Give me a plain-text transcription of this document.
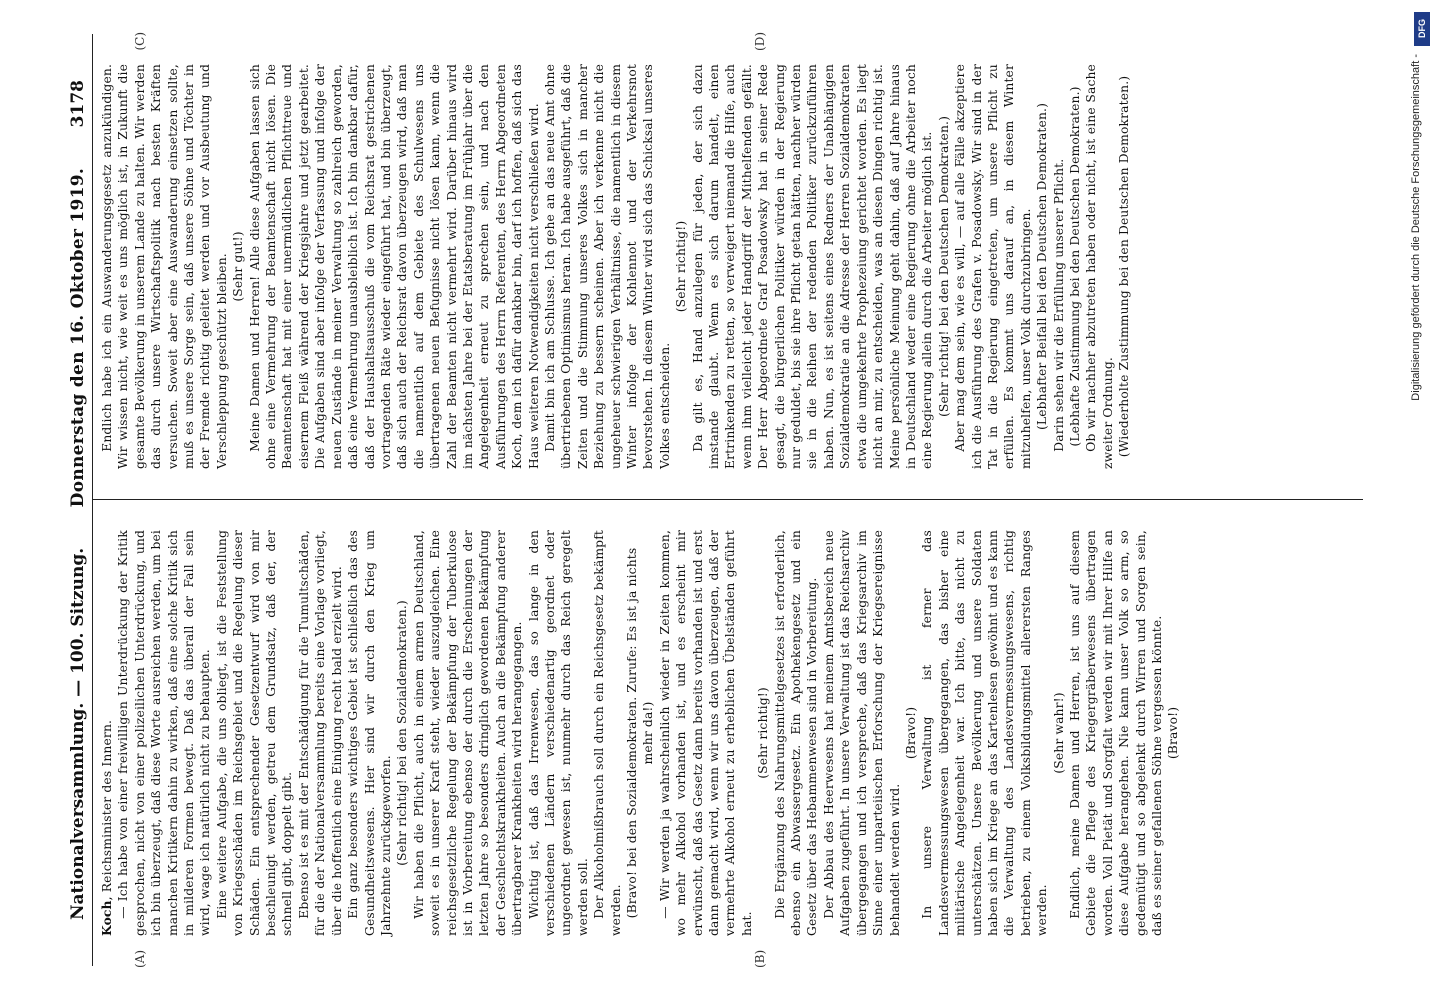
Nationalversammlung. — 100. Sitzung.
Donnerstag den 16. Oktober 1919.
3178

Koch, Reichsminister des Innern. — Ich habe von einer freiwilligen Unterdrückung der Kritik gesprochen, nicht von einer polizeilichen Unterdrückung, und ich bin überzeugt, daß diese Worte ausreichen werden, um bei manchen Kritikern dahin zu wirken, daß eine solche Kritik sich in milderen Formen bewegt. Daß das überall der Fall sein wird, wage ich natürlich nicht zu behaupten. Eine weitere Aufgabe, die uns obliegt, ist die Feststellung von Kriegsschäden im Reichsgebiet und die Regelung dieser Schäden. Ein entsprechender Gesetzentwurf wird von mir beschleunigt werden, getreu dem Grundsatz, daß der, der schnell gibt, doppelt gibt. Ebenso ist es mit der Entschädigung für die Tumultschäden, für die der Nationalversammlung bereits eine Vorlage vorliegt, über die hoffentlich eine Einigung recht bald erzielt wird. Ein ganz besonders wichtiges Gebiet ist schließlich das des Gesundheitswesens. Hier sind wir durch den Krieg um Jahrzehnte zurückgeworfen. (Sehr richtig! bei den Sozialdemokraten.) Wir haben die Pflicht, auch in einem armen Deutschland, soweit es in unserer Kraft steht, wieder auszugleichen. Eine reichsgesetzliche Regelung der Bekämpfung der Tuberkulose ist in Vorbereitung ebenso der durch die Erscheinungen der letzten Jahre so besonders dringlich gewordenen Bekämpfung der Geschlechtskrankheiten. Auch an die Bekämpfung anderer übertragbarer Krankheiten wird herangegangen. Wichtig ist, daß das Irrenwesen, das so lange in den verschiedenen Ländern verschiedenartig geordnet oder ungeordnet gewesen ist, nunmehr durch das Reich geregelt werden soll. Der Alkoholmißbrauch soll durch ein Reichsgesetz bekämpft werden. (Bravo! bei den Sozialdemokraten. Zurufe: Es ist ja nichts mehr da!) — Wir werden ja wahrscheinlich wieder in Zeiten kommen, wo mehr Alkohol vorhanden ist, und es erscheint mir erwünscht, daß das Gesetz dann bereits vorhanden ist und erst dann gemacht wird, wenn wir uns davon überzeugen, daß der vermehrte Alkohol erneut zu erheblichen Übelständen geführt hat.

(Sehr richtig!) Die Ergänzung des Nahrungsmittelgesetzes ist erforderlich, ebenso ein Abwassergesetz. Ein Apothekengesetz und ein Gesetz über das Hebammenwesen sind in Vorbereitung. Der Abbau des Heerwesens hat meinem Amtsbereich neue Aufgaben zugeführt. In unsere Verwaltung ist das Reichsarchiv übergegangen und ich verspreche, daß das Kriegsarchiv im Sinne einer unparteiischen Erforschung der Kriegsereignisse behandelt werden wird.

(Bravo!) In unsere Verwaltung ist ferner das Landesvermessungswesen übergegangen, das bisher eine militärische Angelegenheit war. Ich bitte, das nicht zu unterschätzen. Unsere Bevölkerung und unsere Soldaten haben sich im Kriege an das Kartenlesen gewöhnt und es kann die Verwaltung des Landesvermessungswesens, richtig betrieben, zu einem Volksbildungsmittel allerersten Ranges werden.

(Sehr wahr!) Endlich, meine Damen und Herren, ist uns auf diesem Gebiete die Pflege des Kriegergräberwesens übertragen worden. Voll Pietät und Sorgfalt werden wir mit Ihrer Hilfe an diese Aufgabe herangehen. Nie kann unser Volk so arm, so gedemütigt und so abgelenkt durch Wirren und Sorgen sein, daß es seiner gefallenen Söhne vergessen könnte. (Bravo!)

Endlich habe ich ein Auswanderungsgesetz anzukündigen. Wir wissen nicht, wie weit es uns möglich ist, in Zukunft die gesamte Bevölkerung in unserem Lande zu halten. Wir werden das durch unsere Wirtschaftspolitik nach besten Kräften versuchen. Soweit aber eine Auswanderung einsetzen sollte, muß es unsere Sorge sein, daß unsere Söhne und Töchter in der Fremde richtig geleitet werden und vor Ausbeutung und Verschleppung geschützt bleiben. (Sehr gut!) Meine Damen und Herren! Alle diese Aufgaben lassen sich ohne eine Vermehrung der Beamtenschaft nicht lösen. Die Beamtenschaft hat mit einer unermüdlichen Pflichttreue und eisernem Fleiß während der Kriegsjahre und jetzt gearbeitet. Die Aufgaben sind aber infolge der Verfassung und infolge der neuen Zustände in meiner Verwaltung so zahlreich geworden, daß eine Vermehrung unausbleiblich ist. Ich bin dankbar dafür, daß der Haushaltsausschuß die vom Reichsrat gestrichenen vortragenden Räte wieder eingeführt hat, und bin überzeugt, daß sich auch der Reichsrat davon überzeugen wird, daß man die namentlich auf dem Gebiete des Schulwesens uns übertragenen neuen Befugnisse nicht lösen kann, wenn die Zahl der Beamten nicht vermehrt wird. Darüber hinaus wird im nächsten Jahre bei der Etatsberatung im Frühjahr über die Angelegenheit erneut zu sprechen sein, und nach den Ausführungen des Herrn Referenten, des Herrn Abgeordneten Koch, dem ich dafür dankbar bin, darf ich hoffen, daß sich das Haus weiteren Notwendigkeiten nicht verschließen wird. Damit bin ich am Schlusse. Ich gehe an das neue Amt ohne übertriebenen Optimismus heran. Ich habe ausgeführt, daß die Zeiten und die Stimmung unseres Volkes sich in mancher Beziehung zu bessern scheinen. Aber ich verkenne nicht die ungeheuer schwierigen Verhältnisse, die namentlich in diesem Winter infolge der Kohlennot und der Verkehrsnot bevorstehen. In diesem Winter wird sich das Schicksal unseres Volkes entscheiden.

(Sehr richtig!) Da gilt es, Hand anzulegen für jeden, der sich dazu imstande glaubt. Wenn es sich darum handelt, einen Ertrinkenden zu retten, so verweigert niemand die Hilfe, auch wenn ihm vielleicht jeder Handgriff der Mithelfenden gefällt. Der Herr Abgeordnete Graf Posadowsky hat in seiner Rede gesagt, die bürgerlichen Politiker würden in der Regierung nur geduldet, bis sie ihre Pflicht getan hätten, nachher würden sie in die Reihen der redenden Politiker zurückzuführen haben. Nun, es ist seitens eines Redners der Unabhängigen Sozialdemokratie an die Adresse der Herren Sozialdemokraten etwa die umgekehrte Prophezeiung gerichtet worden. Es liegt nicht an mir, zu entscheiden, was an diesen Dingen richtig ist. Meine persönliche Meinung geht dahin, daß auf Jahre hinaus in Deutschland weder eine Regierung ohne die Arbeiter noch eine Regierung allein durch die Arbeiter möglich ist. (Sehr richtig! bei den Deutschen Demokraten.) Aber mag dem sein, wie es will, — auf alle Fälle akzeptiere ich die Ausführung des Grafen v. Posadowsky. Wir sind in der Tat in die Regierung eingetreten, um unsere Pflicht zu erfüllen. Es kommt uns darauf an, in diesem Winter mitzuhelfen, unser Volk durchzubringen. (Lebhafter Beifall bei den Deutschen Demokraten.) Darin sehen wir die Erfüllung unserer Pflicht. (Lebhafte Zustimmung bei den Deutschen Demokraten.) Ob wir nachher abzutreten haben oder nicht, ist eine Sache zweiter Ordnung. (Wiederholte Zustimmung bei den Deutschen Demokraten.)

(A)	(B)
(C)	(D)
Digitalisierung gefördert durch die Deutsche Forschungsgemeinschaft -
DFG
